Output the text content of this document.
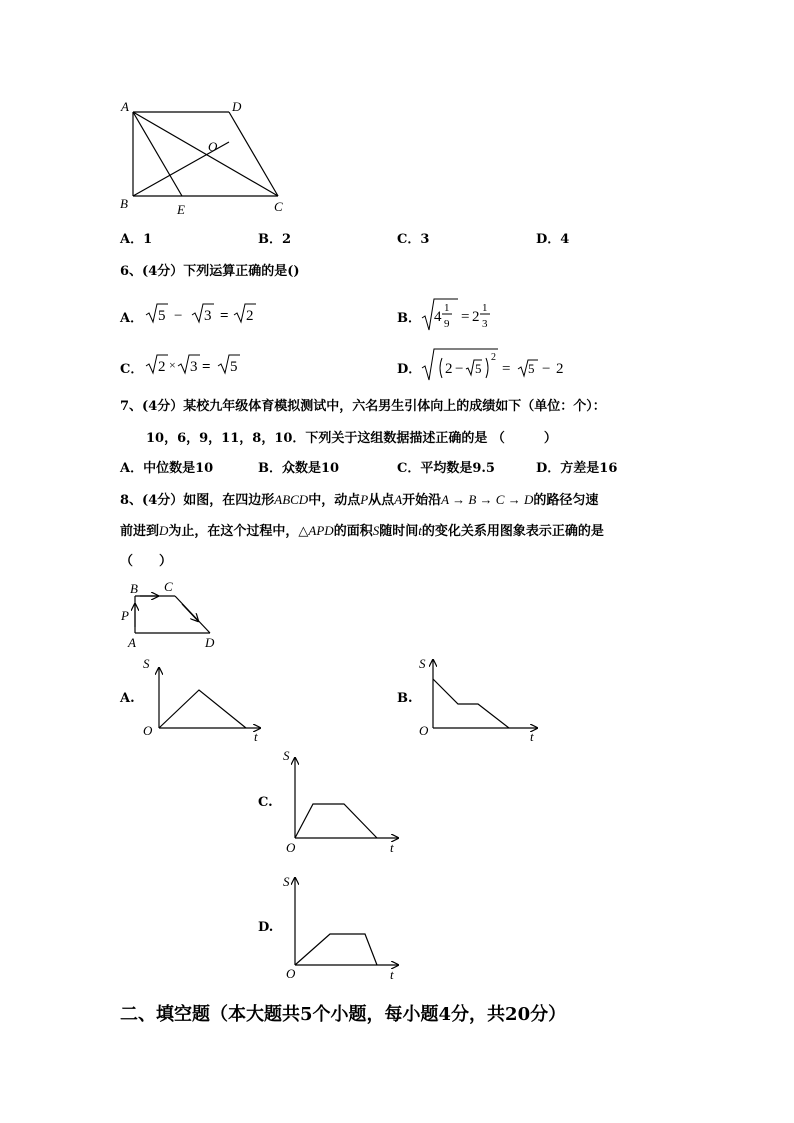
A	D
O
B	E	C
A．1	B．2	C．3	D．4
6、(4分）下列运算正确的是()
A． 5 − 3 = 2	B． 4
1
9 = 2
1
3
C． 2 × 3 = 5	D． 2 − 5
2
= 5 − 2
7、(4分）某校九年级体育模拟测试中，六名男生引体向上的成绩如下（单位：个）：
10，6，9，11，8，10．下列关于这组数据描述正确的是 （　　　）
A．中位数是10	B．众数是10	C．平均数是9.5	D．方差是16
8、(4分）如图，在四边形ABCD中，动点P从点A开始沿A → B → C → D的路径匀速
前进到D为止，在这个过程中，△APD的面积S随时间t的变化关系用图象表示正确的是
（　　）
B C
P
A	D
A.
S
O	t
B.
S
O	t
C.
S
O	t
D.
S
O	t
二、填空题（本大题共5个小题，每小题4分，共20分）
